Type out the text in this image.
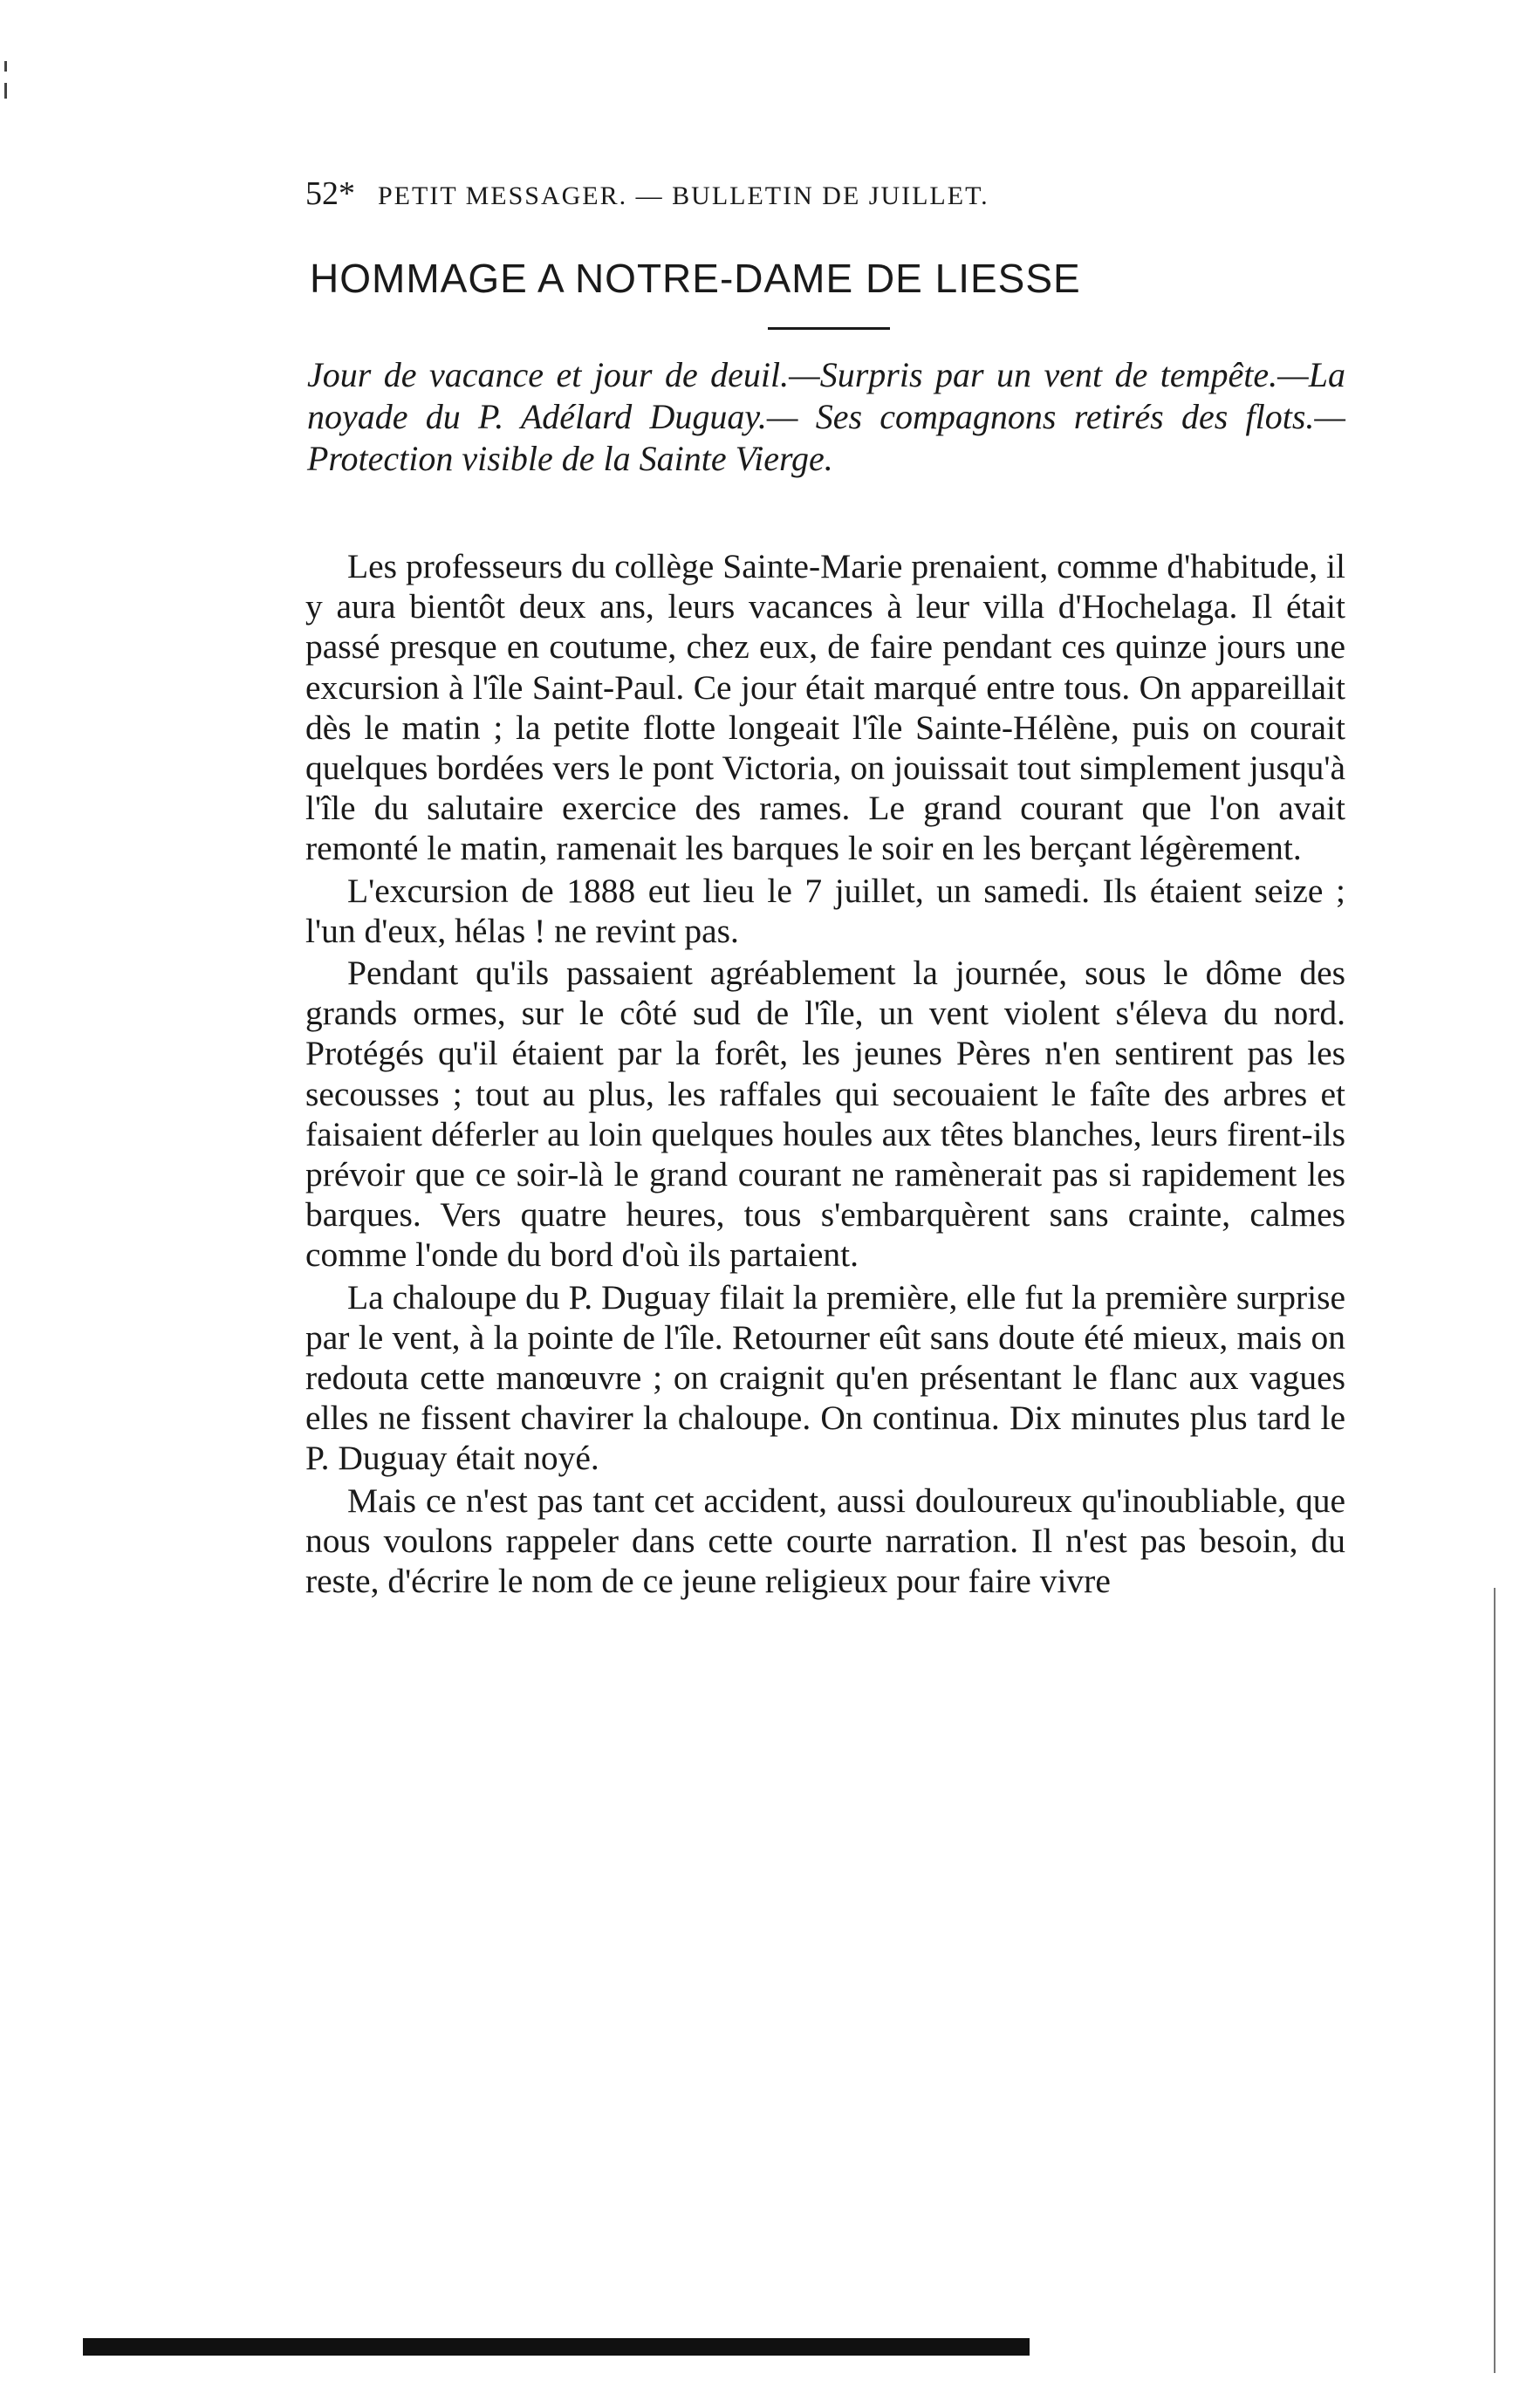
52* PETIT MESSAGER. — BULLETIN DE JUILLET.
HOMMAGE A NOTRE-DAME DE LIESSE
Jour de vacance et jour de deuil.—Surpris par un vent de tempête.—La noyade du P. Adélard Duguay.— Ses compagnons retirés des flots.— Protection visible de la Sainte Vierge.

Les professeurs du collège Sainte-Marie prenaient, comme d'habitude, il y aura bientôt deux ans, leurs vacances à leur villa d'Hochelaga. Il était passé presque en coutume, chez eux, de faire pendant ces quinze jours une excursion à l'île Saint-Paul. Ce jour était marqué entre tous. On appareillait dès le matin ; la petite flotte longeait l'île Sainte-Hélène, puis on courait quelques bordées vers le pont Victoria, on jouissait tout simplement jusqu'à l'île du salutaire exercice des rames. Le grand courant que l'on avait remonté le matin, ramenait les barques le soir en les berçant légèrement.

L'excursion de 1888 eut lieu le 7 juillet, un samedi. Ils étaient seize ; l'un d'eux, hélas ! ne revint pas.

Pendant qu'ils passaient agréablement la journée, sous le dôme des grands ormes, sur le côté sud de l'île, un vent violent s'éleva du nord. Protégés qu'il étaient par la forêt, les jeunes Pères n'en sentirent pas les secousses ; tout au plus, les raffales qui secouaient le faîte des arbres et faisaient déferler au loin quelques houles aux têtes blanches, leurs firent-ils prévoir que ce soir-là le grand courant ne ramènerait pas si rapidement les barques. Vers quatre heures, tous s'embarquèrent sans crainte, calmes comme l'onde du bord d'où ils partaient.

La chaloupe du P. Duguay filait la première, elle fut la première surprise par le vent, à la pointe de l'île. Retourner eût sans doute été mieux, mais on redouta cette manœuvre ; on craignit qu'en présentant le flanc aux vagues elles ne fissent chavirer la chaloupe. On continua. Dix minutes plus tard le P. Duguay était noyé.

Mais ce n'est pas tant cet accident, aussi douloureux qu'inoubliable, que nous voulons rappeler dans cette courte narration. Il n'est pas besoin, du reste, d'écrire le nom de ce jeune religieux pour faire vivre
